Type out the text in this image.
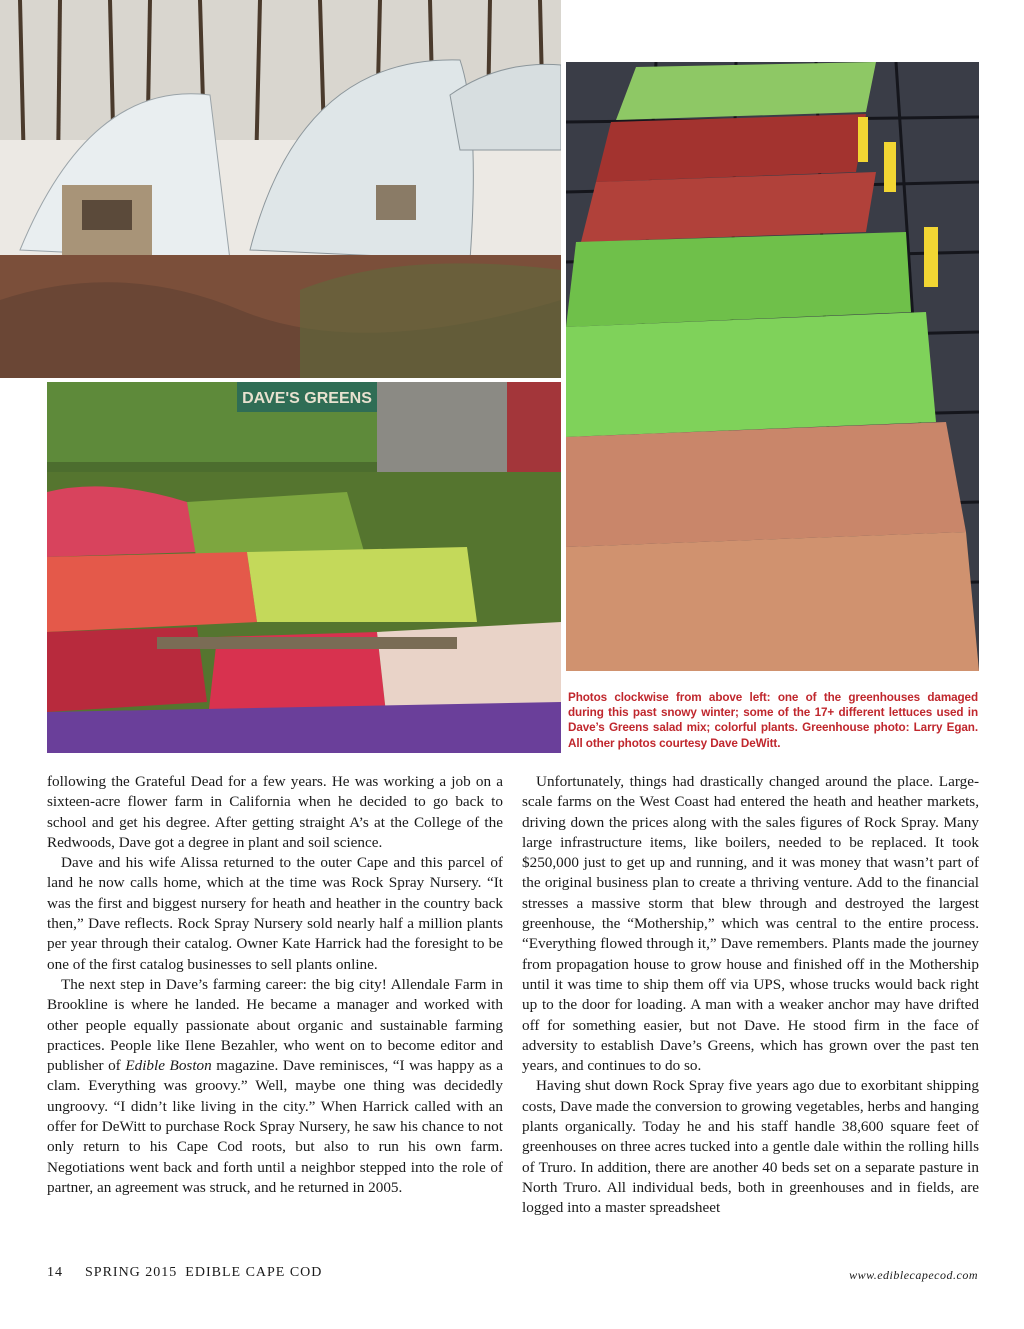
DAVE'S GREENS
Photos clockwise from above left: one of the greenhouses damaged during this past snowy winter; some of the 17+ different lettuces used in Dave’s Greens salad mix; colorful plants. Greenhouse photo: Larry Egan. All other photos courtesy Dave DeWitt.

following the Grateful Dead for a few years. He was working a job on a sixteen-acre flower farm in California when he decided to go back to school and get his degree. After getting straight A’s at the College of the Redwoods, Dave got a degree in plant and soil science.

Dave and his wife Alissa returned to the outer Cape and this parcel of land he now calls home, which at the time was Rock Spray Nursery. “It was the first and biggest nursery for heath and heather in the country back then,” Dave reflects. Rock Spray Nursery sold nearly half a million plants per year through their catalog. Owner Kate Harrick had the foresight to be one of the first catalog businesses to sell plants online.

The next step in Dave’s farming career: the big city! Allendale Farm in Brookline is where he landed. He became a manager and worked with other people equally passionate about organic and sustainable farming practices. People like Ilene Bezahler, who went on to become editor and publisher of Edible Boston magazine. Dave reminisces, “I was happy as a clam. Everything was groovy.” Well, maybe one thing was decidedly ungroovy. “I didn’t like living in the city.” When Harrick called with an offer for DeWitt to purchase Rock Spray Nursery, he saw his chance to not only return to his Cape Cod roots, but also to run his own farm. Negotiations went back and forth until a neighbor stepped into the role of partner, an agreement was struck, and he returned in 2005.

Unfortunately, things had drastically changed around the place. Large-scale farms on the West Coast had entered the heath and heather markets, driving down the prices along with the sales figures of Rock Spray. Many large infrastructure items, like boilers, needed to be replaced. It took $250,000 just to get up and running, and it was money that wasn’t part of the original business plan to create a thriving venture. Add to the financial stresses a massive storm that blew through and destroyed the largest greenhouse, the “Mothership,” which was central to the entire process. “Everything flowed through it,” Dave remembers. Plants made the journey from propagation house to grow house and finished off in the Mothership until it was time to ship them off via UPS, whose trucks would back right up to the door for loading. A man with a weaker anchor may have drifted off for something easier, but not Dave. He stood firm in the face of adversity to establish Dave’s Greens, which has grown over the past ten years, and continues to do so.

Having shut down Rock Spray five years ago due to exorbitant shipping costs, Dave made the conversion to growing vegetables, herbs and hanging plants organically. Today he and his staff handle 38,600 square feet of greenhouses on three acres tucked into a gentle dale within the rolling hills of Truro. In addition, there are another 40 beds set on a separate pasture in North Truro. All individual beds, both in greenhouses and in fields, are logged into a master spreadsheet

14 SPRING 2015 EDIBLE CAPE COD	www.ediblecapecod.com
